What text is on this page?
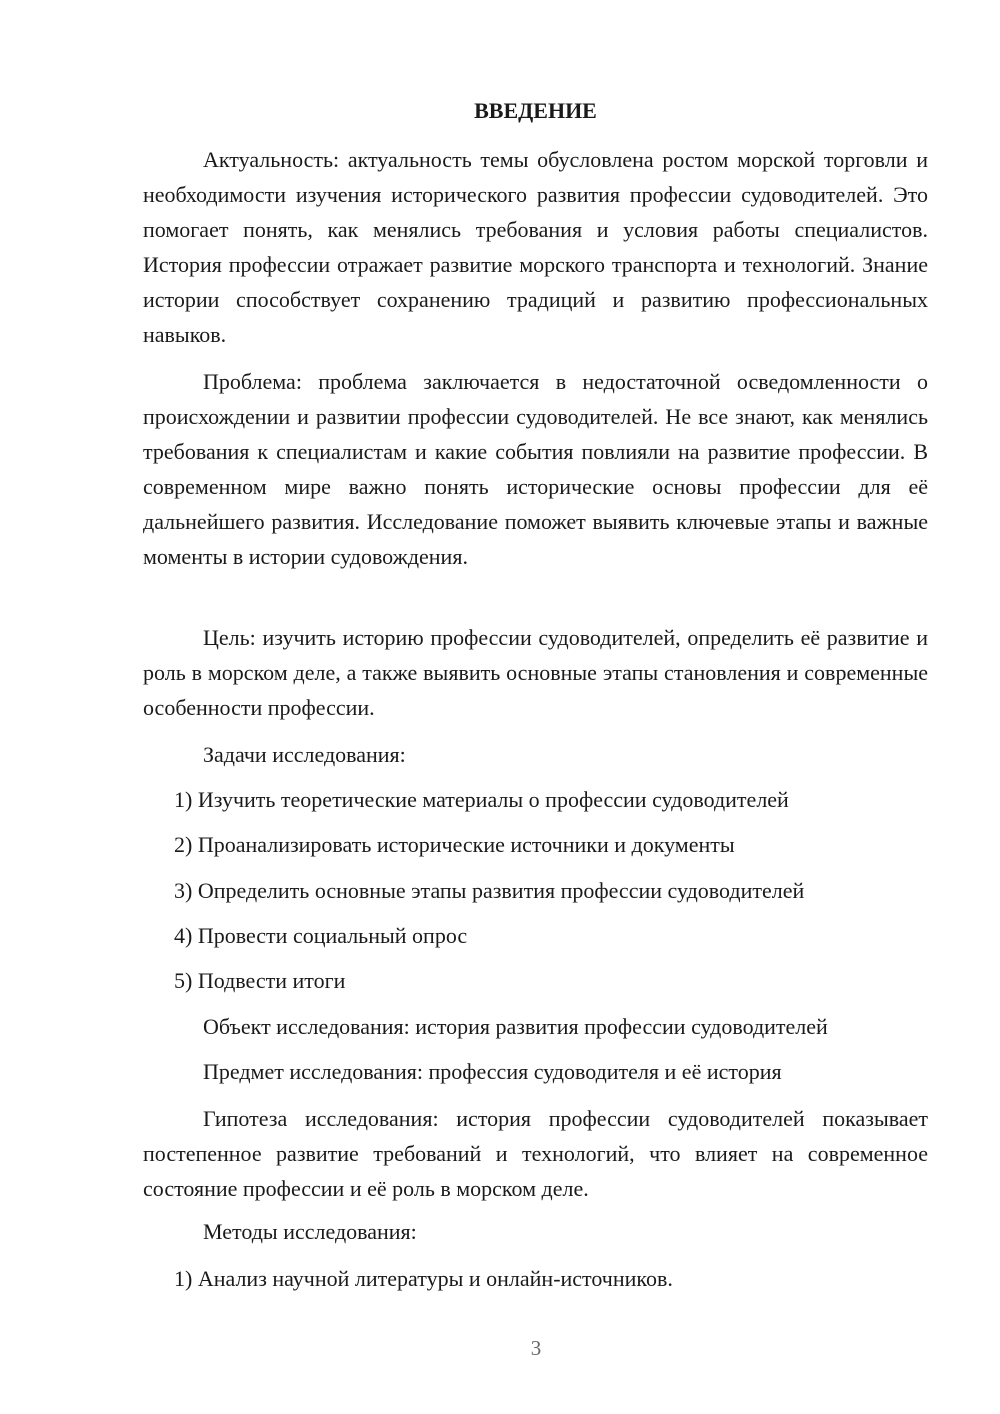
ВВЕДЕНИЕ

Актуальность: актуальность темы обусловлена ростом морской торговли и необходимости изучения исторического развития профессии судоводителей. Это помогает понять, как менялись требования и условия работы специалистов. История профессии отражает развитие морского транспорта и технологий. Знание истории способствует сохранению традиций и развитию профессиональных навыков.

Проблема: проблема заключается в недостаточной осведомленности о происхождении и развитии профессии судоводителей. Не все знают, как менялись требования к специалистам и какие события повлияли на развитие профессии. В современном мире важно понять исторические основы профессии для её дальнейшего развития. Исследование поможет выявить ключевые этапы и важные моменты в истории судовождения.

Цель: изучить историю профессии судоводителей, определить её развитие и роль в морском деле, а также выявить основные этапы становления и современные особенности профессии.

Задачи исследования:

1) Изучить теоретические материалы о профессии судоводителей

2) Проанализировать исторические источники и документы

3) Определить основные этапы развития профессии судоводителей

4) Провести социальный опрос

5) Подвести итоги

Объект исследования: история развития профессии судоводителей

Предмет исследования: профессия судоводителя и её история

Гипотеза исследования: история профессии судоводителей показывает постепенное развитие требований и технологий, что влияет на современное состояние профессии и её роль в морском деле.

Методы исследования:

1) Анализ научной литературы и онлайн-источников.

3
